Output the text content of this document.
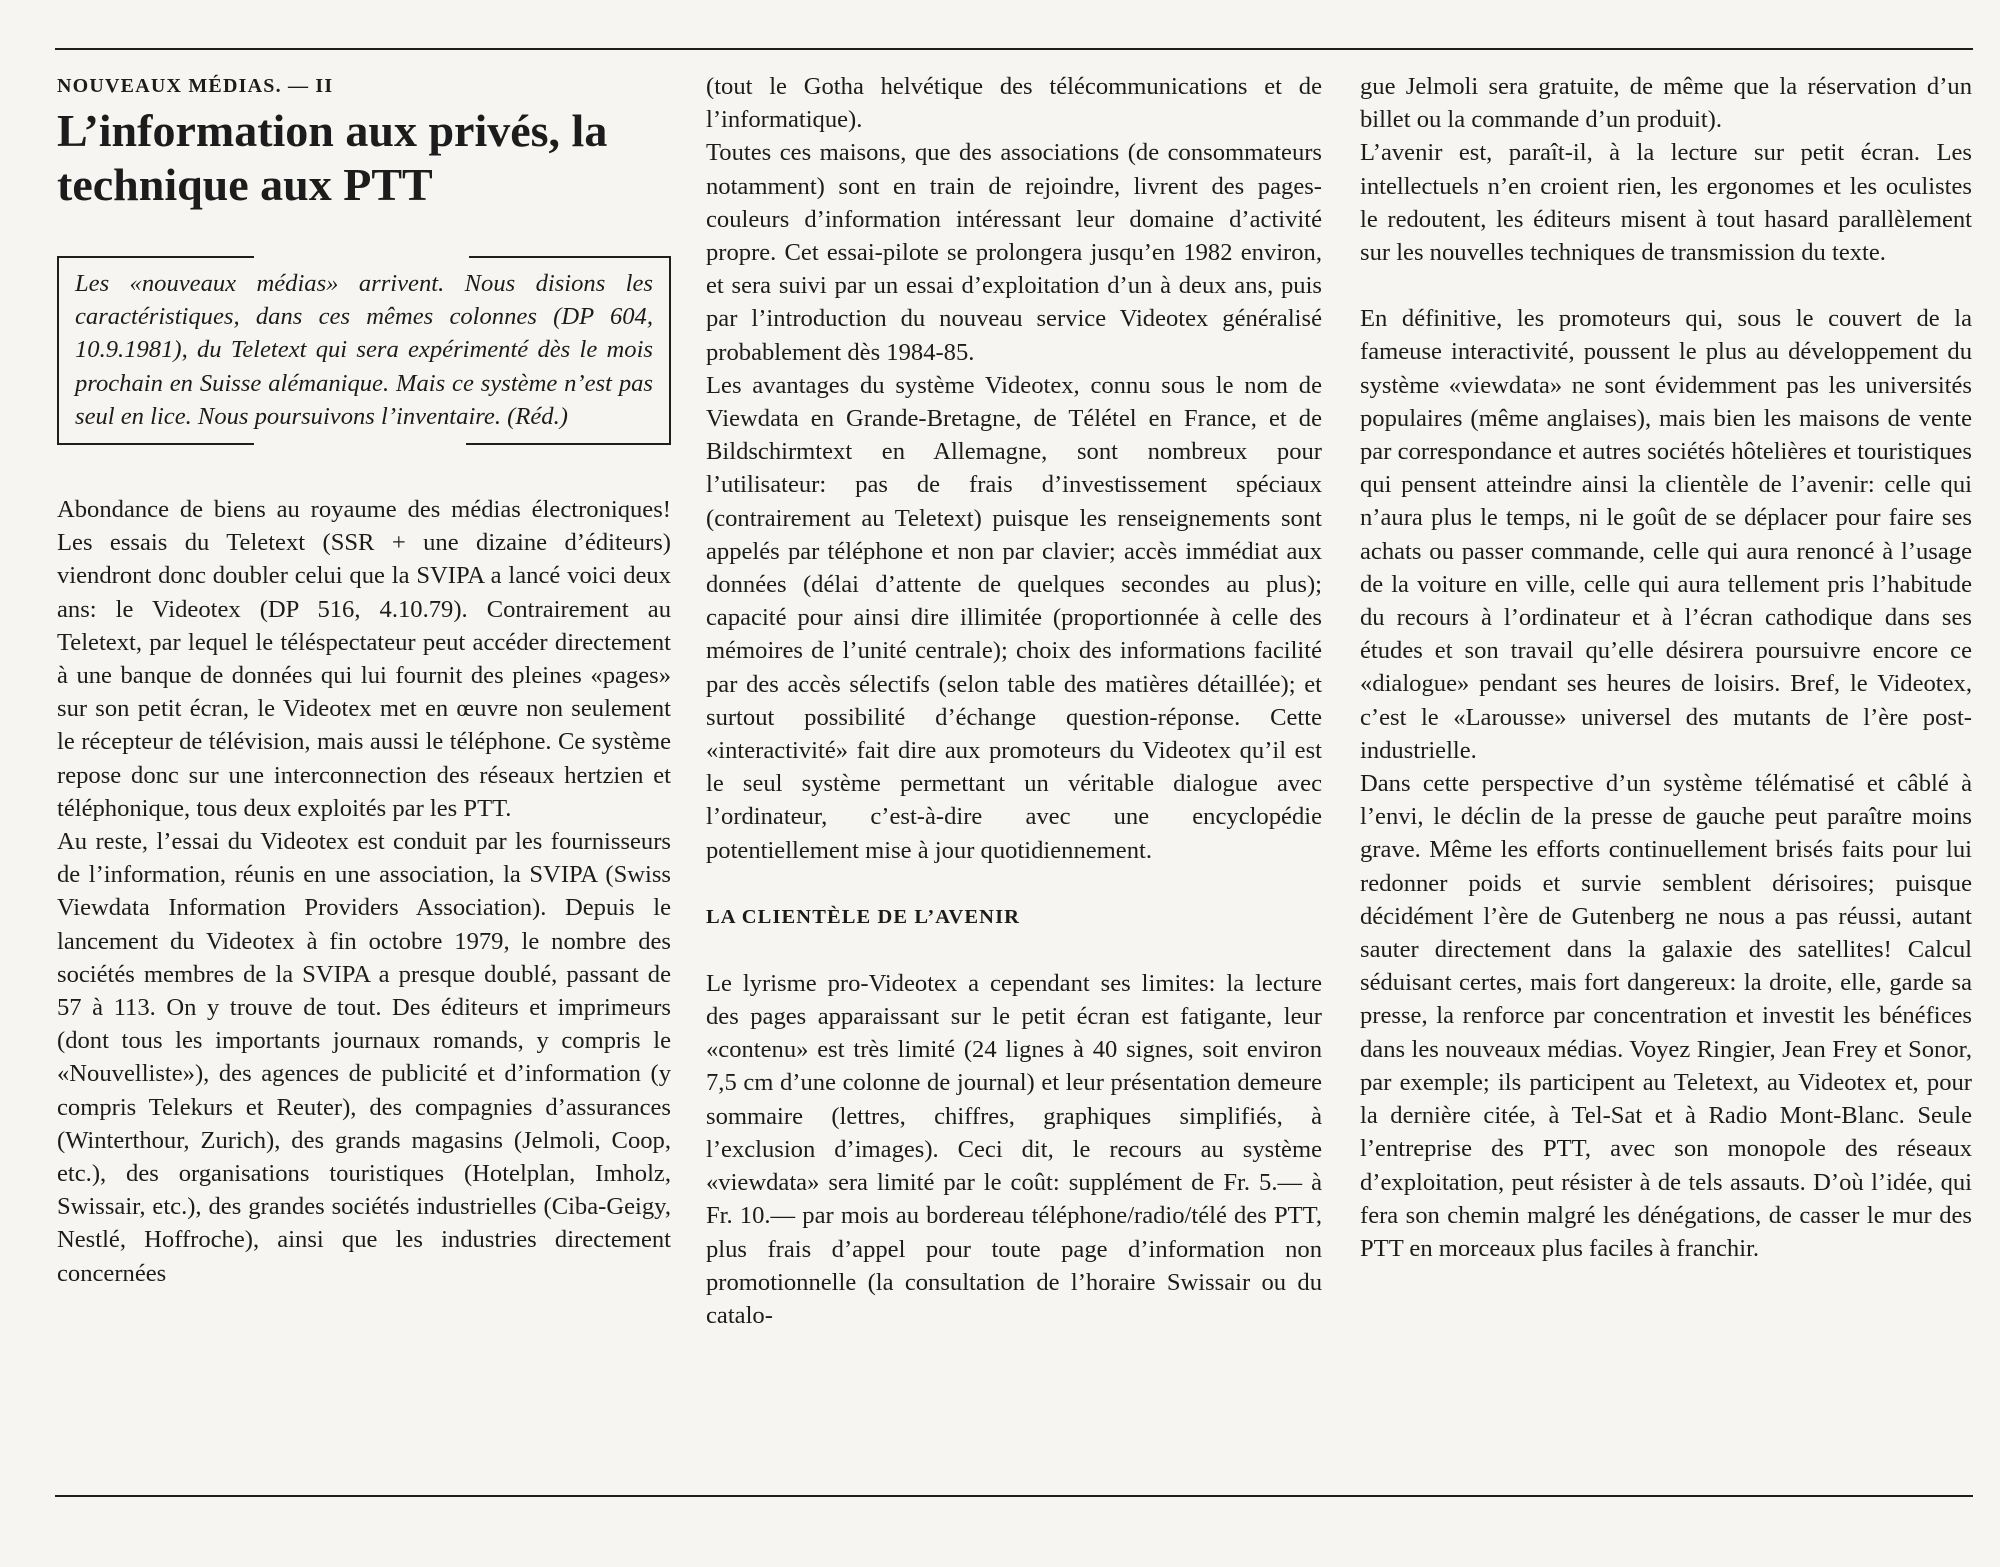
NOUVEAUX MÉDIAS. — II
L’information aux privés, la technique aux PTT
Les «nouveaux médias» arrivent. Nous disions les caractéristiques, dans ces mêmes colonnes (DP 604, 10.9.1981), du Teletext qui sera expérimenté dès le mois prochain en Suisse alémanique. Mais ce système n’est pas seul en lice. Nous poursuivons l’inventaire. (Réd.)

Abondance de biens au royaume des médias électroniques! Les essais du Teletext (SSR + une dizaine d’éditeurs) viendront donc doubler celui que la SVIPA a lancé voici deux ans: le Videotex (DP 516, 4.10.79). Contrairement au Teletext, par lequel le téléspectateur peut accéder directement à une banque de données qui lui fournit des pleines «pages» sur son petit écran, le Videotex met en œuvre non seulement le récepteur de télévision, mais aussi le téléphone. Ce système repose donc sur une interconnection des réseaux hertzien et téléphonique, tous deux exploités par les PTT.

Au reste, l’essai du Videotex est conduit par les fournisseurs de l’information, réunis en une association, la SVIPA (Swiss Viewdata Information Providers Association). Depuis le lancement du Videotex à fin octobre 1979, le nombre des sociétés membres de la SVIPA a presque doublé, passant de 57 à 113. On y trouve de tout. Des éditeurs et imprimeurs (dont tous les importants journaux romands, y compris le «Nouvelliste»), des agences de publicité et d’information (y compris Telekurs et Reuter), des compagnies d’assurances (Winterthour, Zurich), des grands magasins (Jelmoli, Coop, etc.), des organisations touristiques (Hotelplan, Imholz, Swissair, etc.), des grandes sociétés industrielles (Ciba-Geigy, Nestlé, Hoffroche), ainsi que les industries directement concernées

(tout le Gotha helvétique des télécommunications et de l’informatique).

Toutes ces maisons, que des associations (de consommateurs notamment) sont en train de rejoindre, livrent des pages-couleurs d’information intéressant leur domaine d’activité propre. Cet essai-pilote se prolongera jusqu’en 1982 environ, et sera suivi par un essai d’exploitation d’un à deux ans, puis par l’introduction du nouveau service Videotex généralisé probablement dès 1984-85.

Les avantages du système Videotex, connu sous le nom de Viewdata en Grande-Bretagne, de Télétel en France, et de Bildschirmtext en Allemagne, sont nombreux pour l’utilisateur: pas de frais d’investissement spéciaux (contrairement au Teletext) puisque les renseignements sont appelés par téléphone et non par clavier; accès immédiat aux données (délai d’attente de quelques secondes au plus); capacité pour ainsi dire illimitée (proportionnée à celle des mémoires de l’unité centrale); choix des informations facilité par des accès sélectifs (selon table des matières détaillée); et surtout possibilité d’échange question-réponse. Cette «interactivité» fait dire aux promoteurs du Videotex qu’il est le seul système permettant un véritable dialogue avec l’ordinateur, c’est-à-dire avec une encyclopédie potentiellement mise à jour quotidiennement.

LA CLIENTÈLE DE L’AVENIR

Le lyrisme pro-Videotex a cependant ses limites: la lecture des pages apparaissant sur le petit écran est fatigante, leur «contenu» est très limité (24 lignes à 40 signes, soit environ 7,5 cm d’une colonne de journal) et leur présentation demeure sommaire (lettres, chiffres, graphiques simplifiés, à l’exclusion d’images). Ceci dit, le recours au système «viewdata» sera limité par le coût: supplément de Fr. 5.— à Fr. 10.— par mois au bordereau téléphone/radio/télé des PTT, plus frais d’appel pour toute page d’information non promotionnelle (la consultation de l’horaire Swissair ou du catalo-

gue Jelmoli sera gratuite, de même que la réservation d’un billet ou la commande d’un produit).

L’avenir est, paraît-il, à la lecture sur petit écran. Les intellectuels n’en croient rien, les ergonomes et les oculistes le redoutent, les éditeurs misent à tout hasard parallèlement sur les nouvelles techniques de transmission du texte.

En définitive, les promoteurs qui, sous le couvert de la fameuse interactivité, poussent le plus au développement du système «viewdata» ne sont évidemment pas les universités populaires (même anglaises), mais bien les maisons de vente par correspondance et autres sociétés hôtelières et touristiques qui pensent atteindre ainsi la clientèle de l’avenir: celle qui n’aura plus le temps, ni le goût de se déplacer pour faire ses achats ou passer commande, celle qui aura renoncé à l’usage de la voiture en ville, celle qui aura tellement pris l’habitude du recours à l’ordinateur et à l’écran cathodique dans ses études et son travail qu’elle désirera poursuivre encore ce «dialogue» pendant ses heures de loisirs. Bref, le Videotex, c’est le «Larousse» universel des mutants de l’ère post-industrielle.

Dans cette perspective d’un système télématisé et câblé à l’envi, le déclin de la presse de gauche peut paraître moins grave. Même les efforts continuellement brisés faits pour lui redonner poids et survie semblent dérisoires; puisque décidément l’ère de Gutenberg ne nous a pas réussi, autant sauter directement dans la galaxie des satellites! Calcul séduisant certes, mais fort dangereux: la droite, elle, garde sa presse, la renforce par concentration et investit les bénéfices dans les nouveaux médias. Voyez Ringier, Jean Frey et Sonor, par exemple; ils participent au Teletext, au Videotex et, pour la dernière citée, à Tel-Sat et à Radio Mont-Blanc. Seule l’entreprise des PTT, avec son monopole des réseaux d’exploitation, peut résister à de tels assauts. D’où l’idée, qui fera son chemin malgré les dénégations, de casser le mur des PTT en morceaux plus faciles à franchir.
